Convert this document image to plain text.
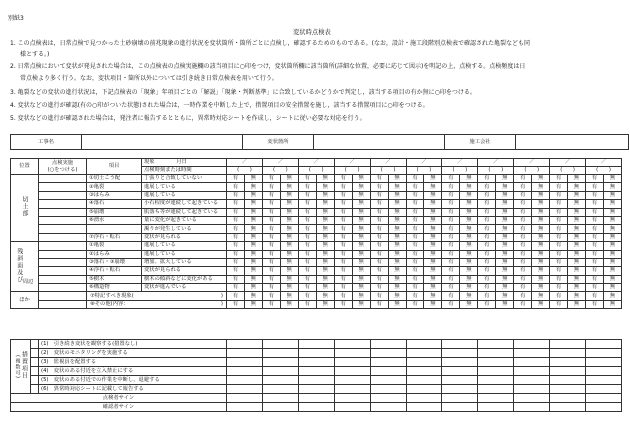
別紙3
変状時点検表
1. この点検表は，日常点検で見つかった土砂崩壊の前兆現象の進行状況を変状箇所・箇所ごとに点検し，確認するためのものである。(なお，設計・施工段階別点検表で確認された亀裂なども同
様とする。)
2. 日常点検において変状が発見された場合は，この点検表の点検実施欄の該当項目に○印をつけ，変状箇所欄に該当箇所(詳細な位置，必要に応じて図示)を明記の上，点検する。点検頻度は日
常点検より多く行う。なお，変状項目・箇所以外については引き続き日常点検表を用いて行う。
3. 亀裂などの変状の進行状況は，下記点検表の「現象」年項目ごとの「解説」「現象・判断基準」に合致しているかどうかで判定し，該当する項目の有か無に○印をつける。
4. 変状などの進行が確認(有の○印がついた状態)された場合は，一時作業を中断した上で，措置項目の安全措置を施し，該当する措置項目に○印をつける。
5. 変状などの進行が確認された場合は，発注者に報告するとともに，異常時対応シートを作成し，シートに従い必要な対応を行う。
工事名		変状箇所		施工会社	
位置	点検実施
(○をつける)	項目	現象 月日	／		／		／		／		／		／		／		／		／		／		／	
			点検時刻または時間	(　　)		(　　)		(　　)		(　　)		(　　)		(　　)		(　　)		(　　)		(　　)		(　　)		(　　)	
切土部		①切土こう配	丁張りと合致していない	有	無	有	無	有	無	有	無	有	無	有	無	有	無	有	無	有	無	有	無	有	無
		②亀裂	進展している	有	無	有	無	有	無	有	無	有	無	有	無	有	無	有	無	有	無	有	無	有	無
		③はらみ	進展している	有	無	有	無	有	無	有	無	有	無	有	無	有	無	有	無	有	無	有	無	有	無
		④落石	小石程度が連続して起きている	有	無	有	無	有	無	有	無	有	無	有	無	有	無	有	無	有	無	有	無	有	無
		⑤崩壊	肌落ち等が連続して起きている	有	無	有	無	有	無	有	無	有	無	有	無	有	無	有	無	有	無	有	無	有	無
		⑥湧水	量に変化が起きている	有	無	有	無	有	無	有	無	有	無	有	無	有	無	有	無	有	無	有	無	有	無
			濁りが発生している	有	無	有	無	有	無	有	無	有	無	有	無	有	無	有	無	有	無	有	無	有	無
		⑦浮石・転石	変状が見られる	有	無	有	無	有	無	有	無	有	無	有	無	有	無	有	無	有	無	有	無	有	無
残斜面及び周辺		①亀裂	進展している	有	無	有	無	有	無	有	無	有	無	有	無	有	無	有	無	有	無	有	無	有	無
		②はらみ	進展している	有	無	有	無	有	無	有	無	有	無	有	無	有	無	有	無	有	無	有	無	有	無
		③落石・③崩壊	増加、拡大している	有	無	有	無	有	無	有	無	有	無	有	無	有	無	有	無	有	無	有	無	有	無
		④浮石・転石	変状が見られる	有	無	有	無	有	無	有	無	有	無	有	無	有	無	有	無	有	無	有	無	有	無
		⑤樹木	樹木の傾斜などに変化がある	有	無	有	無	有	無	有	無	有	無	有	無	有	無	有	無	有	無	有	無	有	無
		⑥構造物	変状が進んでいる	有	無	有	無	有	無	有	無	有	無	有	無	有	無	有	無	有	無	有	無	有	無
ほか		⑦特記すべき現象( )		有	無	有	無	有	無	有	無	有	無	有	無	有	無	有	無	有	無	有	無	有	無
		⑧その他(内容： )		有	無	有	無	有	無	有	無	有	無	有	無	有	無	有	無	有	無	有	無	有	無
(複数可)措置項目		(1)　引き続き変状を観察する(措置なし)											
		(2)　変状のモニタリングを実施する											
		(3)　監視員を配置する											
		(4)　変状のある付近を立入禁止にする											
		(5)　変状のある付近での作業を中断し，退避する											
		(6)　異常時対応シートに記載して報告する											
点検者サイン													
確認者サイン													
